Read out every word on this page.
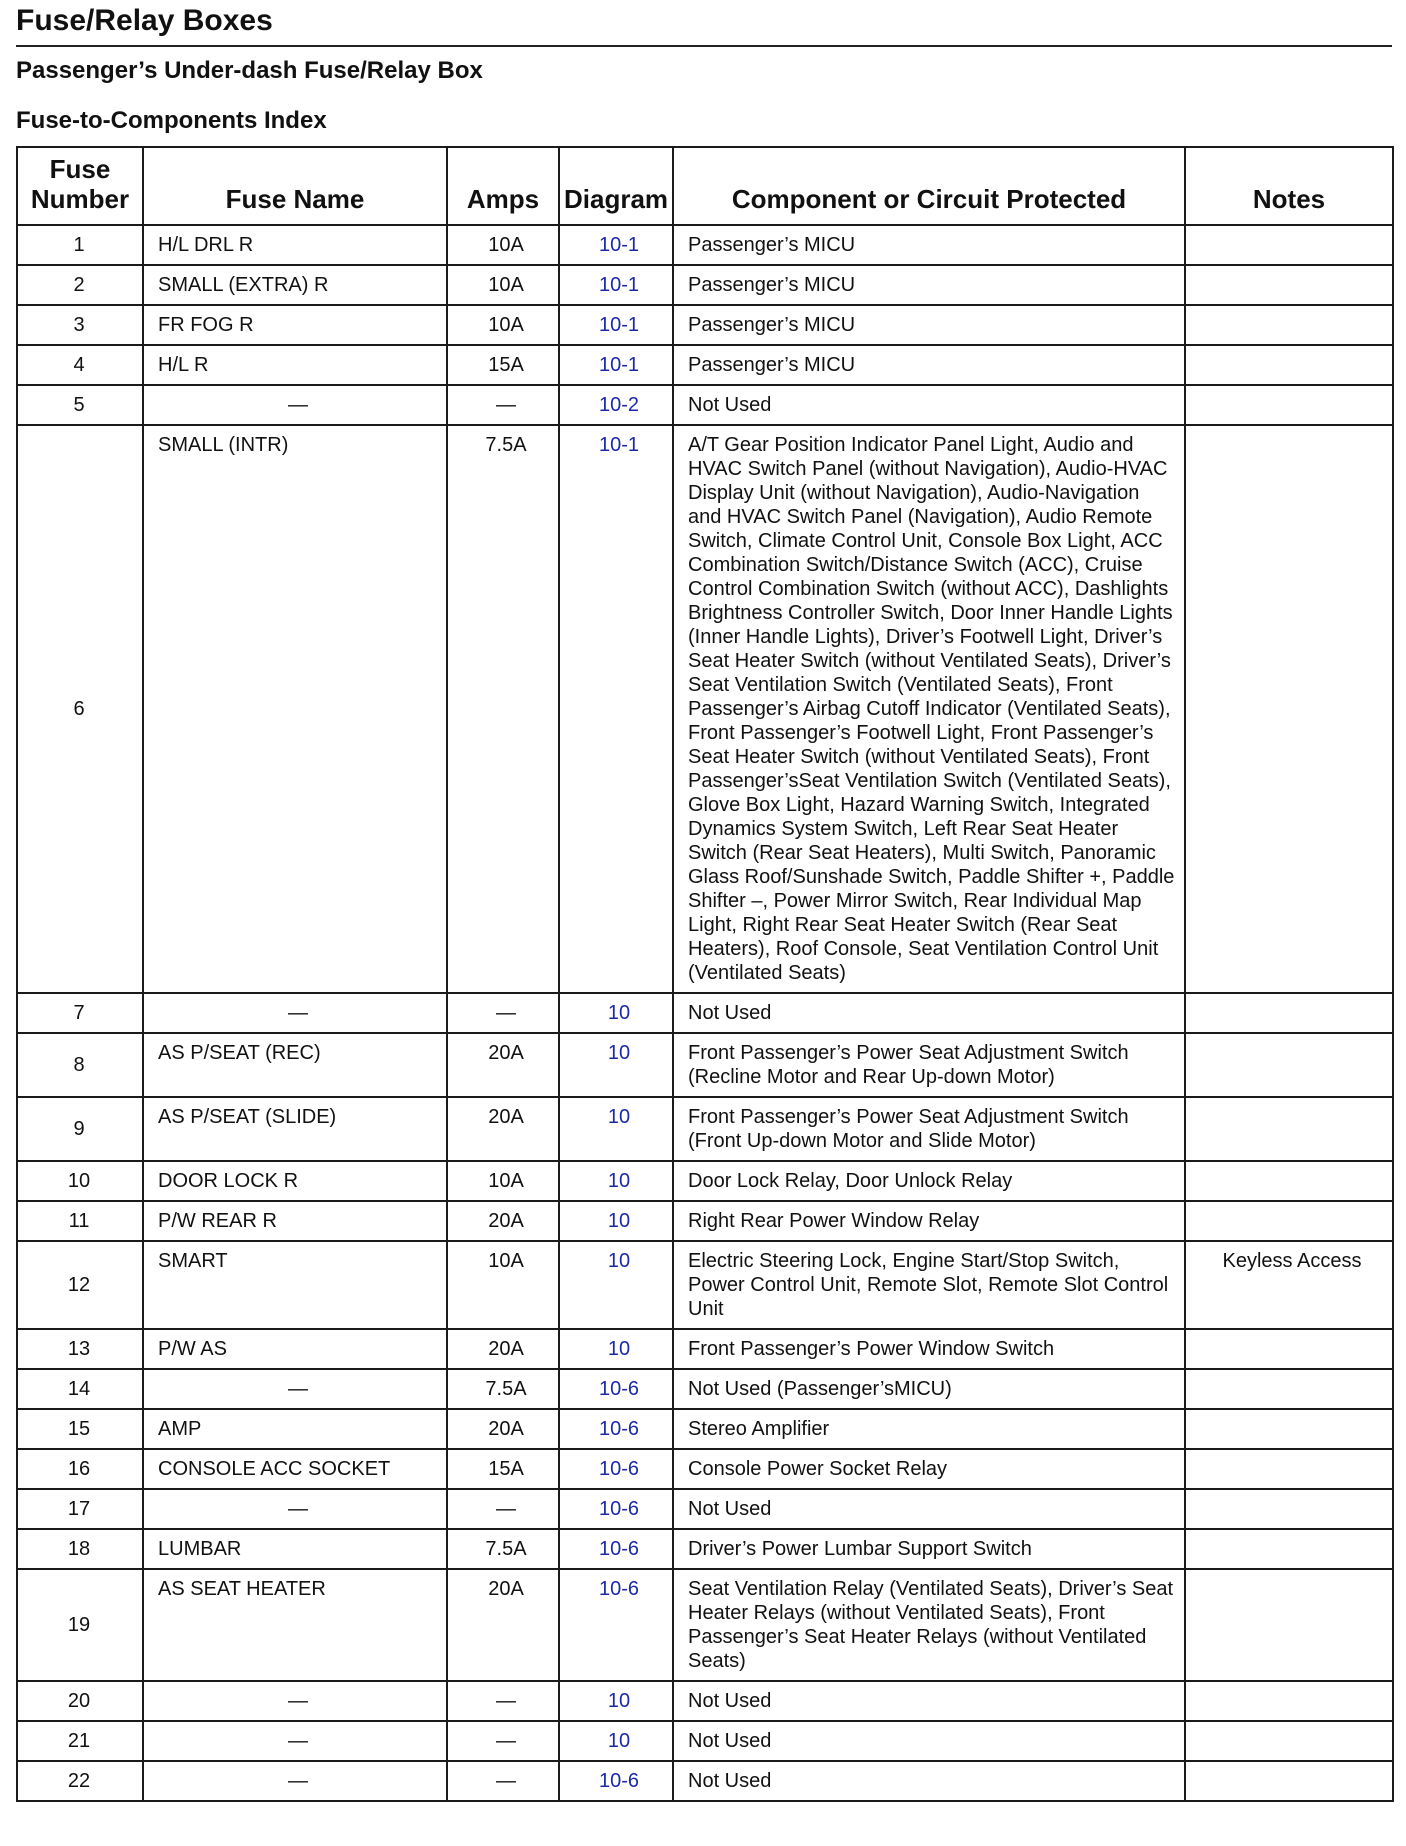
Fuse/Relay Boxes
Passenger’s Under-dash Fuse/Relay Box
Fuse-to-Components Index
Fuse Number	Fuse Name	Amps	Diagram	Component or Circuit Protected	Notes
1	H/L DRL R	10A	10-1	Passenger’s MICU	
2	SMALL (EXTRA) R	10A	10-1	Passenger’s MICU	
3	FR FOG R	10A	10-1	Passenger’s MICU	
4	H/L R	15A	10-1	Passenger’s MICU	
5	—	—	10-2	Not Used	
6	SMALL (INTR)	7.5A	10-1	A/T Gear Position Indicator Panel Light, Audio and HVAC Switch Panel (without Navigation), Audio-HVAC Display Unit (without Navigation), Audio-Navigation and HVAC Switch Panel (Navigation), Audio Remote Switch, Climate Control Unit, Console Box Light, ACC Combination Switch/Distance Switch (ACC), Cruise Control Combination Switch (without ACC), Dashlights Brightness Controller Switch, Door Inner Handle Lights (Inner Handle Lights), Driver’s Footwell Light, Driver’s Seat Heater Switch (without Ventilated Seats), Driver’s Seat Ventilation Switch (Ventilated Seats), Front Passenger’s Airbag Cutoff Indicator (Ventilated Seats), Front Passenger’s Footwell Light, Front Passenger’s Seat Heater Switch (without Ventilated Seats), Front Passenger’sSeat Ventilation Switch (Ventilated Seats), Glove Box Light, Hazard Warning Switch, Integrated Dynamics System Switch, Left Rear Seat Heater Switch (Rear Seat Heaters), Multi Switch, Panoramic Glass Roof/Sunshade Switch, Paddle Shifter +, Paddle Shifter –, Power Mirror Switch, Rear Individual Map Light, Right Rear Seat Heater Switch (Rear Seat Heaters), Roof Console, Seat Ventilation Control Unit (Ventilated Seats)	
7	—	—	10	Not Used	
8	AS P/SEAT (REC)	20A	10	Front Passenger’s Power Seat Adjustment Switch (Recline Motor and Rear Up-down Motor)	
9	AS P/SEAT (SLIDE)	20A	10	Front Passenger’s Power Seat Adjustment Switch (Front Up-down Motor and Slide Motor)	
10	DOOR LOCK R	10A	10	Door Lock Relay, Door Unlock Relay	
11	P/W REAR R	20A	10	Right Rear Power Window Relay	
12	SMART	10A	10	Electric Steering Lock, Engine Start/Stop Switch, Power Control Unit, Remote Slot, Remote Slot Control Unit	Keyless Access
13	P/W AS	20A	10	Front Passenger’s Power Window Switch	
14	—	7.5A	10-6	Not Used (Passenger’sMICU)	
15	AMP	20A	10-6	Stereo Amplifier	
16	CONSOLE ACC SOCKET	15A	10-6	Console Power Socket Relay	
17	—	—	10-6	Not Used	
18	LUMBAR	7.5A	10-6	Driver’s Power Lumbar Support Switch	
19	AS SEAT HEATER	20A	10-6	Seat Ventilation Relay (Ventilated Seats), Driver’s Seat Heater Relays (without Ventilated Seats), Front Passenger’s Seat Heater Relays (without Ventilated Seats)	
20	—	—	10	Not Used	
21	—	—	10	Not Used	
22	—	—	10-6	Not Used	
